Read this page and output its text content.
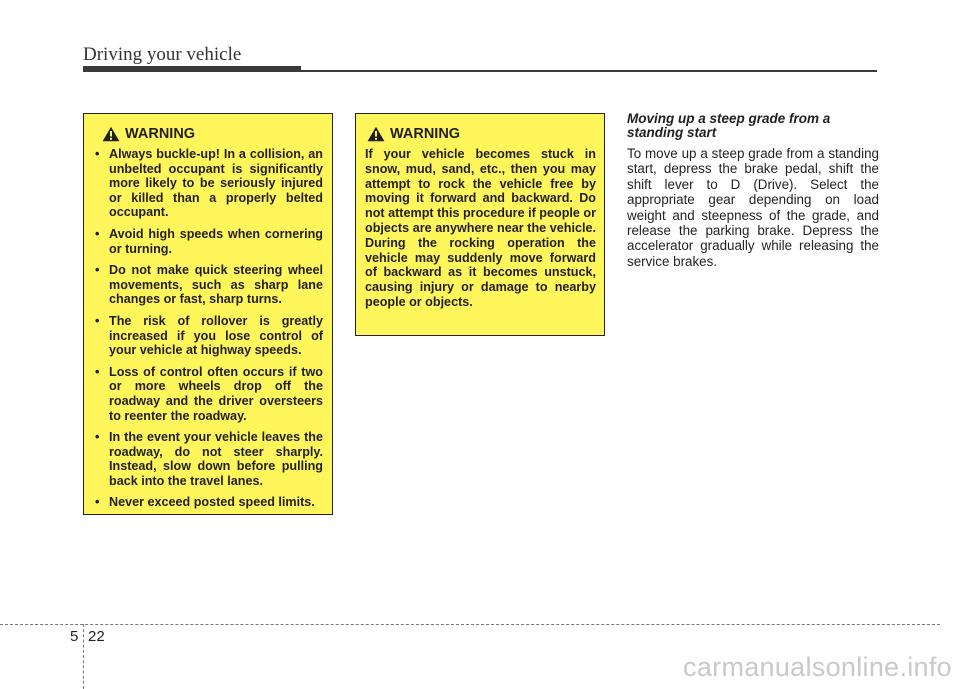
Driving your vehicle
WARNING
• Always buckle-up! In a collision, an unbelted occupant is significantly more likely to be seriously injured or killed than a properly belted occupant.
• Avoid high speeds when cornering or turning.
• Do not make quick steering wheel movements, such as sharp lane changes or fast, sharp turns.
• The risk of rollover is greatly increased if you lose control of your vehicle at highway speeds.
• Loss of control often occurs if two or more wheels drop off the roadway and the driver oversteers to reenter the roadway.
• In the event your vehicle leaves the roadway, do not steer sharply. Instead, slow down before pulling back into the travel lanes.
• Never exceed posted speed limits.
WARNING

If your vehicle becomes stuck in snow, mud, sand, etc., then you may attempt to rock the vehicle free by moving it forward and backward. Do not attempt this procedure if people or objects are anywhere near the vehicle. During the rocking operation the vehicle may suddenly move forward of backward as it becomes unstuck, causing injury or damage to nearby people or objects.

Moving up a steep grade from a standing start

To move up a steep grade from a standing start, depress the brake pedal, shift the shift lever to D (Drive). Select the appropriate gear depending on load weight and steepness of the grade, and release the parking brake. Depress the accelerator gradually while releasing the service brakes.

5 22
carmanualsonline.info
